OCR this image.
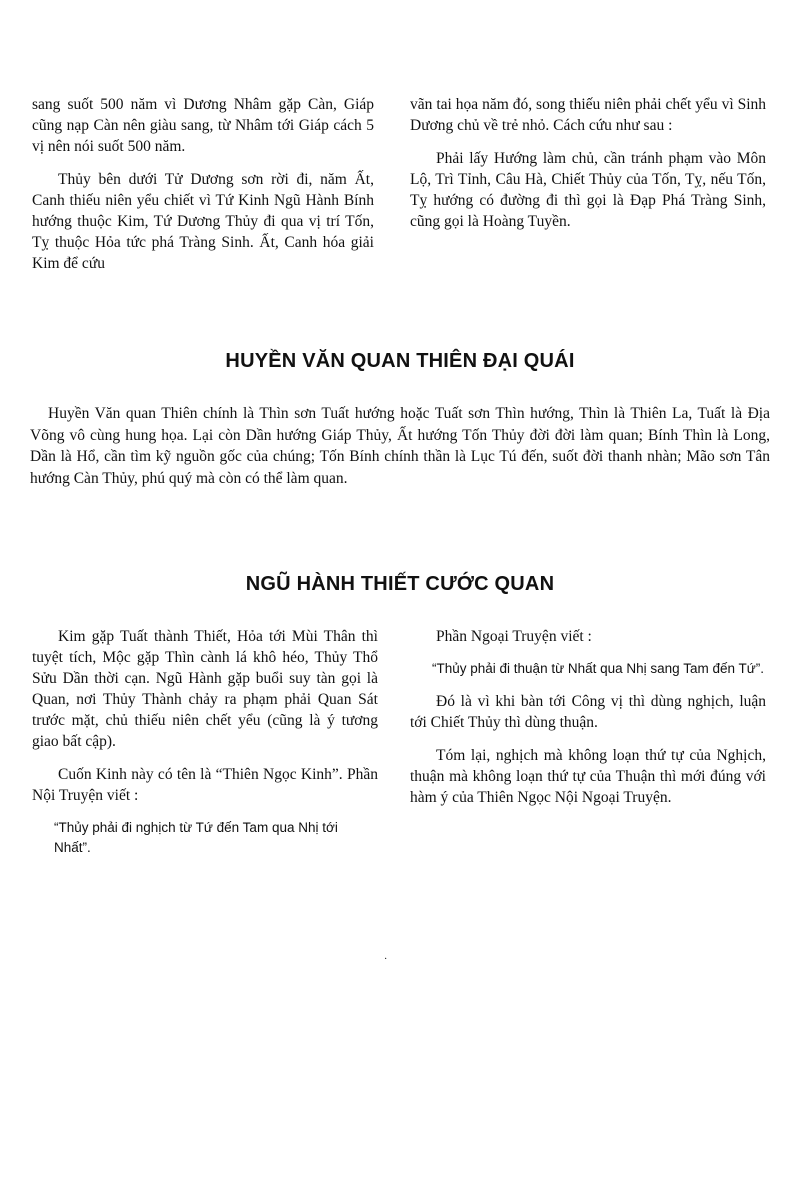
sang suốt 500 năm vì Dương Nhâm gặp Càn, Giáp cũng nạp Càn nên giàu sang, từ Nhâm tới Giáp cách 5 vị nên nói suốt 500 năm.

Thủy bên dưới Tử Dương sơn rời đi, năm Ất, Canh thiếu niên yểu chiết vì Tứ Kinh Ngũ Hành Bính hướng thuộc Kim, Tứ Dương Thủy đi qua vị trí Tốn, Tỵ thuộc Hỏa tức phá Tràng Sinh. Ất, Canh hóa giải Kim để cứu

vãn tai họa năm đó, song thiếu niên phải chết yểu vì Sinh Dương chủ về trẻ nhỏ. Cách cứu như sau :

Phải lấy Hướng làm chủ, cần tránh phạm vào Môn Lộ, Trì Tỉnh, Câu Hà, Chiết Thủy của Tốn, Tỵ, nếu Tốn, Tỵ hướng có đường đi thì gọi là Đạp Phá Tràng Sinh, cũng gọi là Hoàng Tuyền.

HUYỀN VĂN QUAN THIÊN ĐẠI QUÁI

Huyền Văn quan Thiên chính là Thìn sơn Tuất hướng hoặc Tuất sơn Thìn hướng, Thìn là Thiên La, Tuất là Địa Võng vô cùng hung họa. Lại còn Dần hướng Giáp Thủy, Ất hướng Tốn Thủy đời đời làm quan; Bính Thìn là Long, Dần là Hổ, cần tìm kỹ nguồn gốc của chúng; Tốn Bính chính thần là Lục Tú đến, suốt đời thanh nhàn; Mão sơn Tân hướng Càn Thủy, phú quý mà còn có thể làm quan.

NGŨ HÀNH THIẾT CƯỚC QUAN

Kim gặp Tuất thành Thiết, Hỏa tới Mùi Thân thì tuyệt tích, Mộc gặp Thìn cành lá khô héo, Thủy Thổ Sửu Dần thời cạn. Ngũ Hành gặp buổi suy tàn gọi là Quan, nơi Thủy Thành chảy ra phạm phải Quan Sát trước mặt, chủ thiếu niên chết yểu (cũng là ý tương giao bất cập).

Cuốn Kinh này có tên là “Thiên Ngọc Kinh”. Phần Nội Truyện viết :

“Thủy phải đi nghịch từ Tứ đến Tam qua Nhị tới Nhất”.

Phần Ngoại Truyện viết :

“Thủy phải đi thuận từ Nhất qua Nhị sang Tam đến Tứ”.

Đó là vì khi bàn tới Công vị thì dùng nghịch, luận tới Chiết Thủy thì dùng thuận.

Tóm lại, nghịch mà không loạn thứ tự của Nghịch, thuận mà không loạn thứ tự của Thuận thì mới đúng với hàm ý của Thiên Ngọc Nội Ngoại Truyện.

·
